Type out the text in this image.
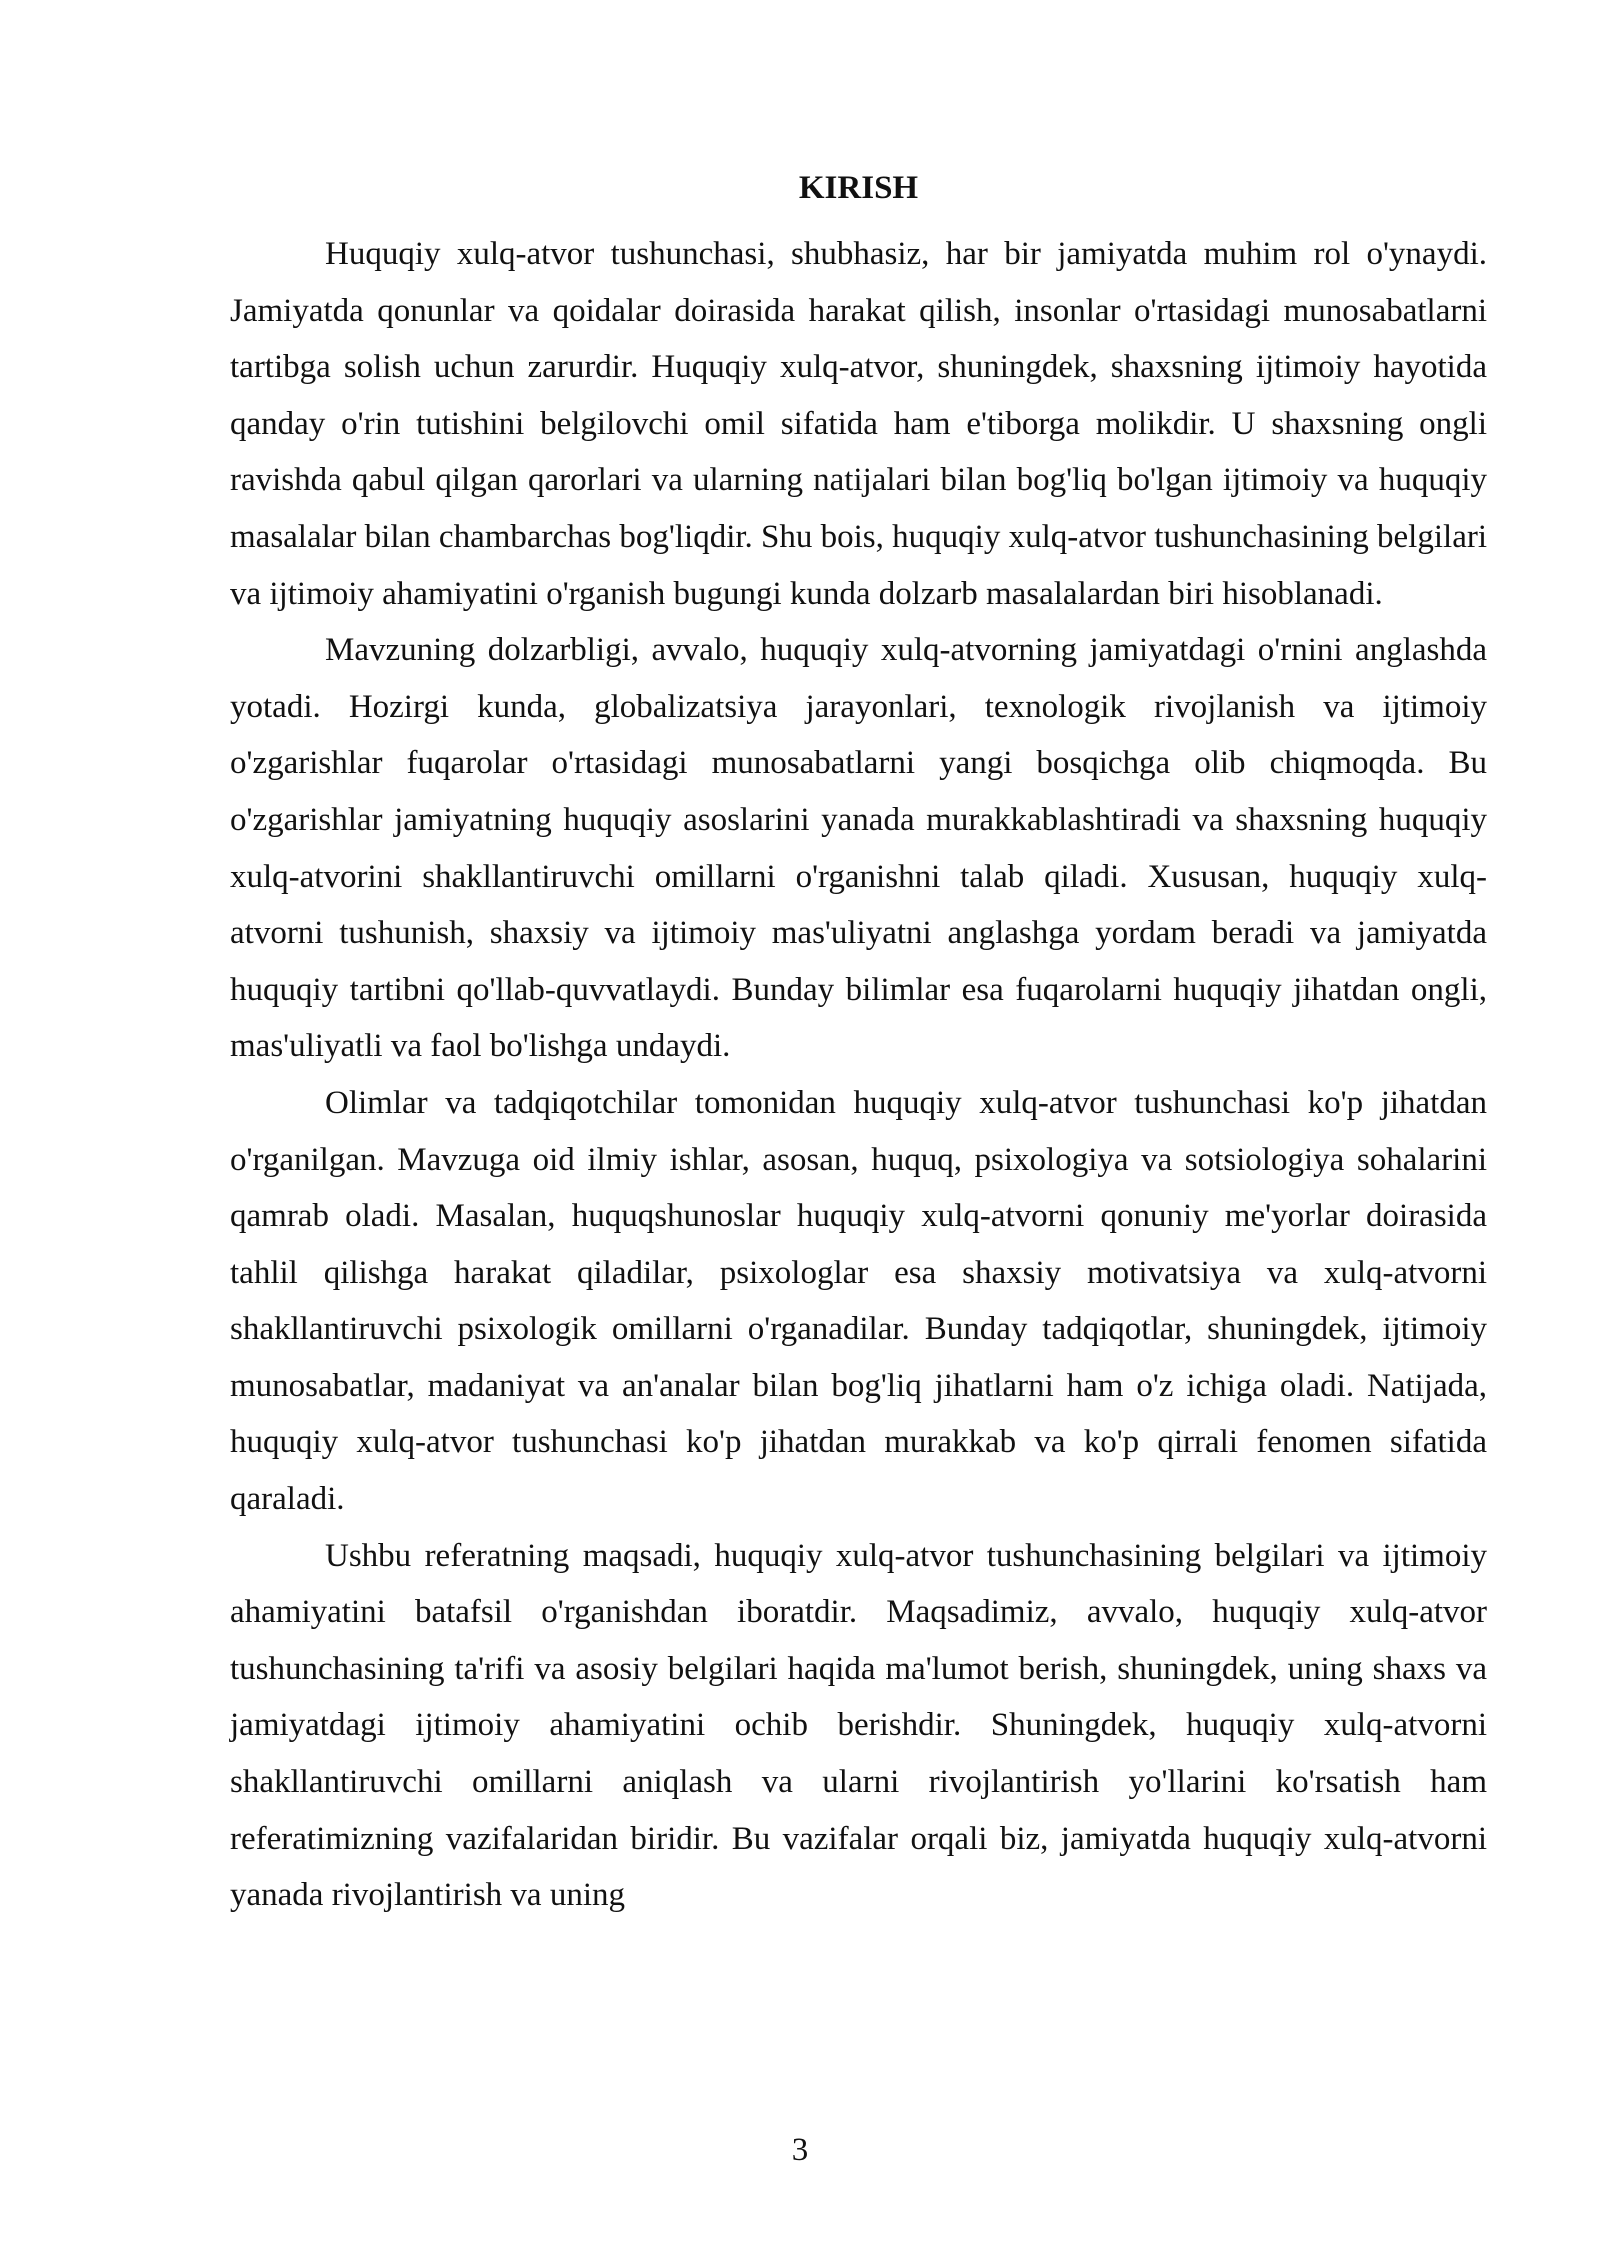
KIRISH

Huquqiy xulq-atvor tushunchasi, shubhasiz, har bir jamiyatda muhim rol o'ynaydi. Jamiyatda qonunlar va qoidalar doirasida harakat qilish, insonlar o'rtasidagi munosabatlarni tartibga solish uchun zarurdir. Huquqiy xulq-atvor, shuningdek, shaxsning ijtimoiy hayotida qanday o'rin tutishini belgilovchi omil sifatida ham e'tiborga molikdir. U shaxsning ongli ravishda qabul qilgan qarorlari va ularning natijalari bilan bog'liq bo'lgan ijtimoiy va huquqiy masalalar bilan chambarchas bog'liqdir. Shu bois, huquqiy xulq-atvor tushunchasining belgilari va ijtimoiy ahamiyatini o'rganish bugungi kunda dolzarb masalalardan biri hisoblanadi.

Mavzuning dolzarbligi, avvalo, huquqiy xulq-atvorning jamiyatdagi o'rnini anglashda yotadi. Hozirgi kunda, globalizatsiya jarayonlari, texnologik rivojlanish va ijtimoiy o'zgarishlar fuqarolar o'rtasidagi munosabatlarni yangi bosqichga olib chiqmoqda. Bu o'zgarishlar jamiyatning huquqiy asoslarini yanada murakkablashtiradi va shaxsning huquqiy xulq-atvorini shakllantiruvchi omillarni o'rganishni talab qiladi. Xususan, huquqiy xulq-atvorni tushunish, shaxsiy va ijtimoiy mas'uliyatni anglashga yordam beradi va jamiyatda huquqiy tartibni qo'llab-quvvatlaydi. Bunday bilimlar esa fuqarolarni huquqiy jihatdan ongli, mas'uliyatli va faol bo'lishga undaydi.

Olimlar va tadqiqotchilar tomonidan huquqiy xulq-atvor tushunchasi ko'p jihatdan o'rganilgan. Mavzuga oid ilmiy ishlar, asosan, huquq, psixologiya va sotsiologiya sohalarini qamrab oladi. Masalan, huquqshunoslar huquqiy xulq-atvorni qonuniy me'yorlar doirasida tahlil qilishga harakat qiladilar, psixologlar esa shaxsiy motivatsiya va xulq-atvorni shakllantiruvchi psixologik omillarni o'rganadilar. Bunday tadqiqotlar, shuningdek, ijtimoiy munosabatlar, madaniyat va an'analar bilan bog'liq jihatlarni ham o'z ichiga oladi. Natijada, huquqiy xulq-atvor tushunchasi ko'p jihatdan murakkab va ko'p qirrali fenomen sifatida qaraladi.

Ushbu referatning maqsadi, huquqiy xulq-atvor tushunchasining belgilari va ijtimoiy ahamiyatini batafsil o'rganishdan iboratdir. Maqsadimiz, avvalo, huquqiy xulq-atvor tushunchasining ta'rifi va asosiy belgilari haqida ma'lumot berish, shuningdek, uning shaxs va jamiyatdagi ijtimoiy ahamiyatini ochib berishdir. Shuningdek, huquqiy xulq-atvorni shakllantiruvchi omillarni aniqlash va ularni rivojlantirish yo'llarini ko'rsatish ham referatimizning vazifalaridan biridir. Bu vazifalar orqali biz, jamiyatda huquqiy xulq-atvorni yanada rivojlantirish va uning

3
